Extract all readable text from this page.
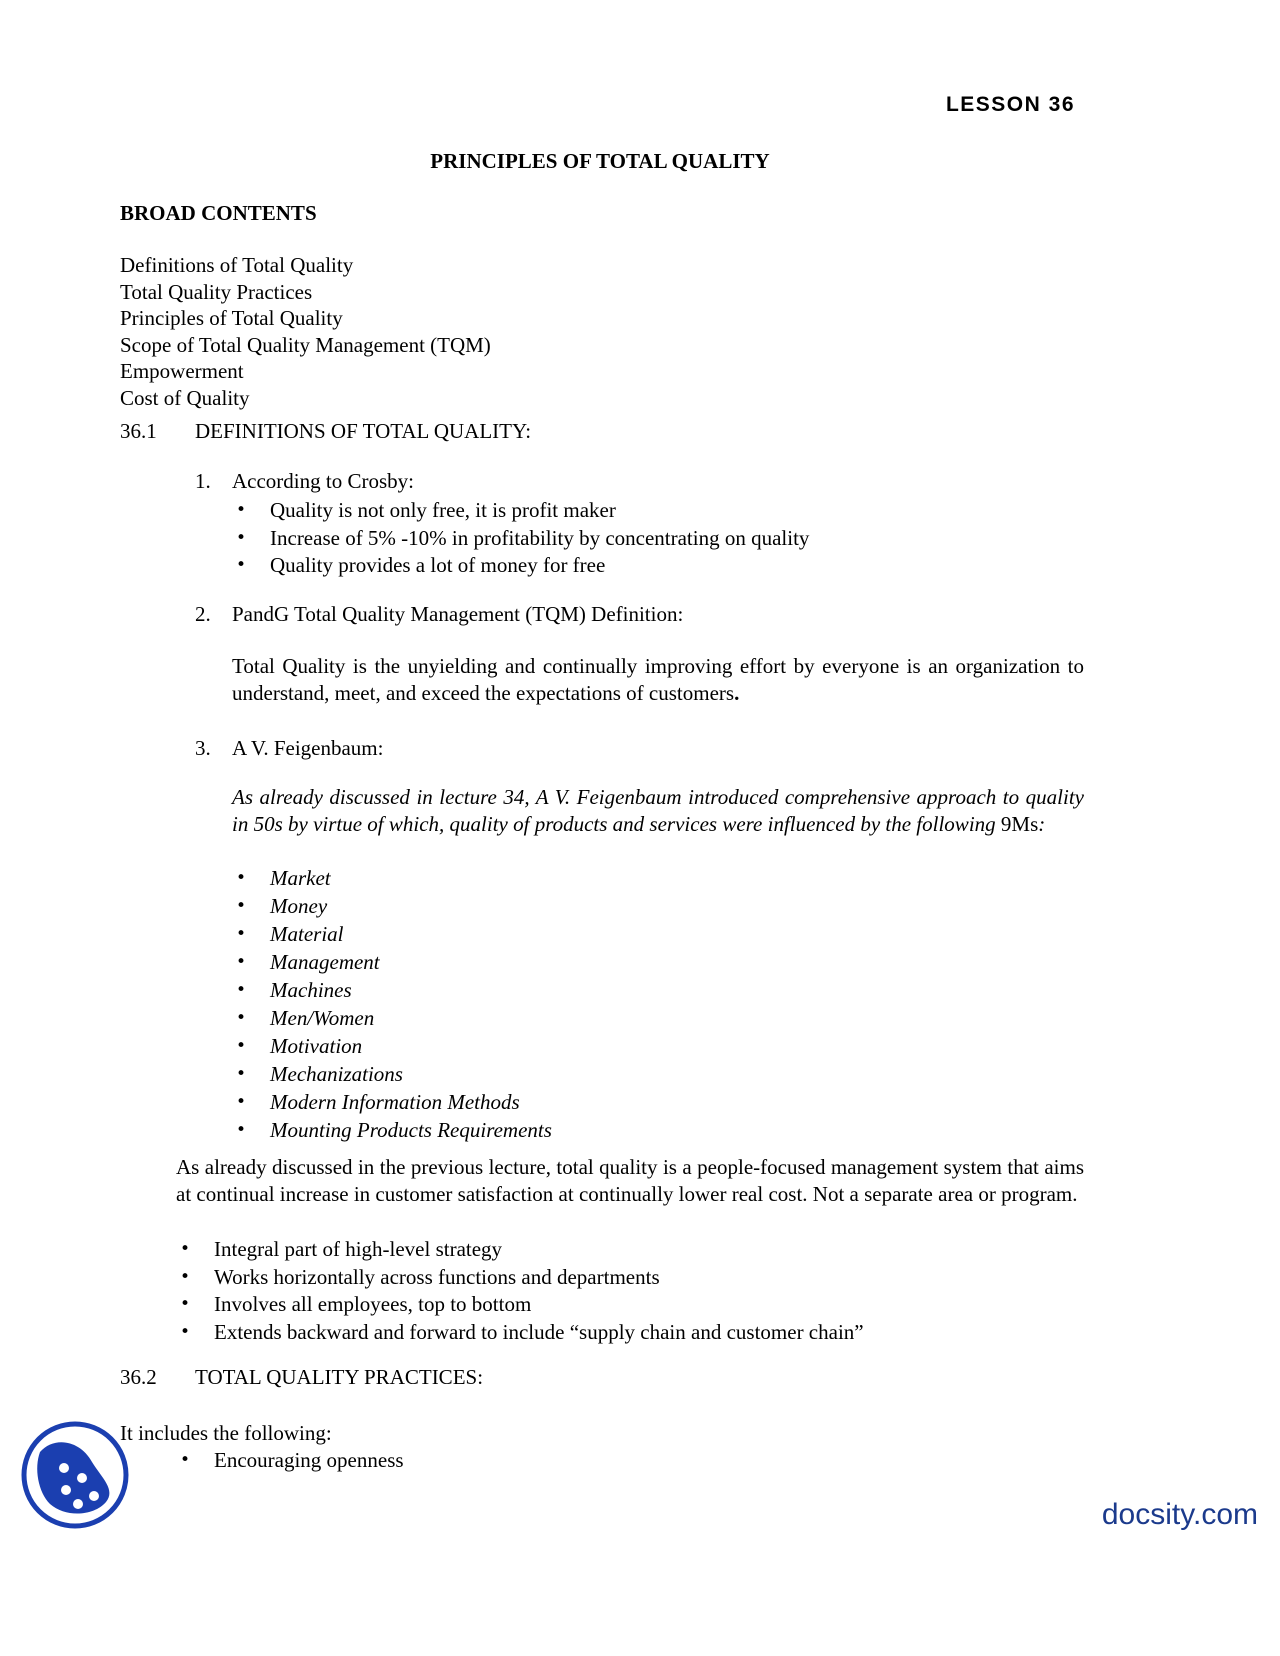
LESSON 36
PRINCIPLES OF TOTAL QUALITY
BROAD CONTENTS
Definitions of Total Quality
Total Quality Practices
Principles of Total Quality
Scope of Total Quality Management (TQM)
Empowerment
Cost of Quality
36.1	DEFINITIONS OF TOTAL QUALITY:
1.	According to Crosby:
• Quality is not only free, it is profit maker
• Increase of 5% -10% in profitability by concentrating on quality
• Quality provides a lot of money for free
2.	PandG Total Quality Management (TQM) Definition:

Total Quality is the unyielding and continually improving effort by everyone is an organization to understand, meet, and exceed the expectations of customers.

3.	A V. Feigenbaum:

As already discussed in lecture 34, A V. Feigenbaum introduced comprehensive approach to quality in 50s by virtue of which, quality of products and services were influenced by the following 9Ms:

• Market
• Money
• Material
• Management
• Machines
• Men/Women
• Motivation
• Mechanizations
• Modern Information Methods
• Mounting Products Requirements

As already discussed in the previous lecture, total quality is a people-focused management system that aims at continual increase in customer satisfaction at continually lower real cost. Not a separate area or program.

• Integral part of high-level strategy
• Works horizontally across functions and departments
• Involves all employees, top to bottom
• Extends backward and forward to include “supply chain and customer chain”
36.2	TOTAL QUALITY PRACTICES:
It includes the following:
• Encouraging openness
docsity.com
